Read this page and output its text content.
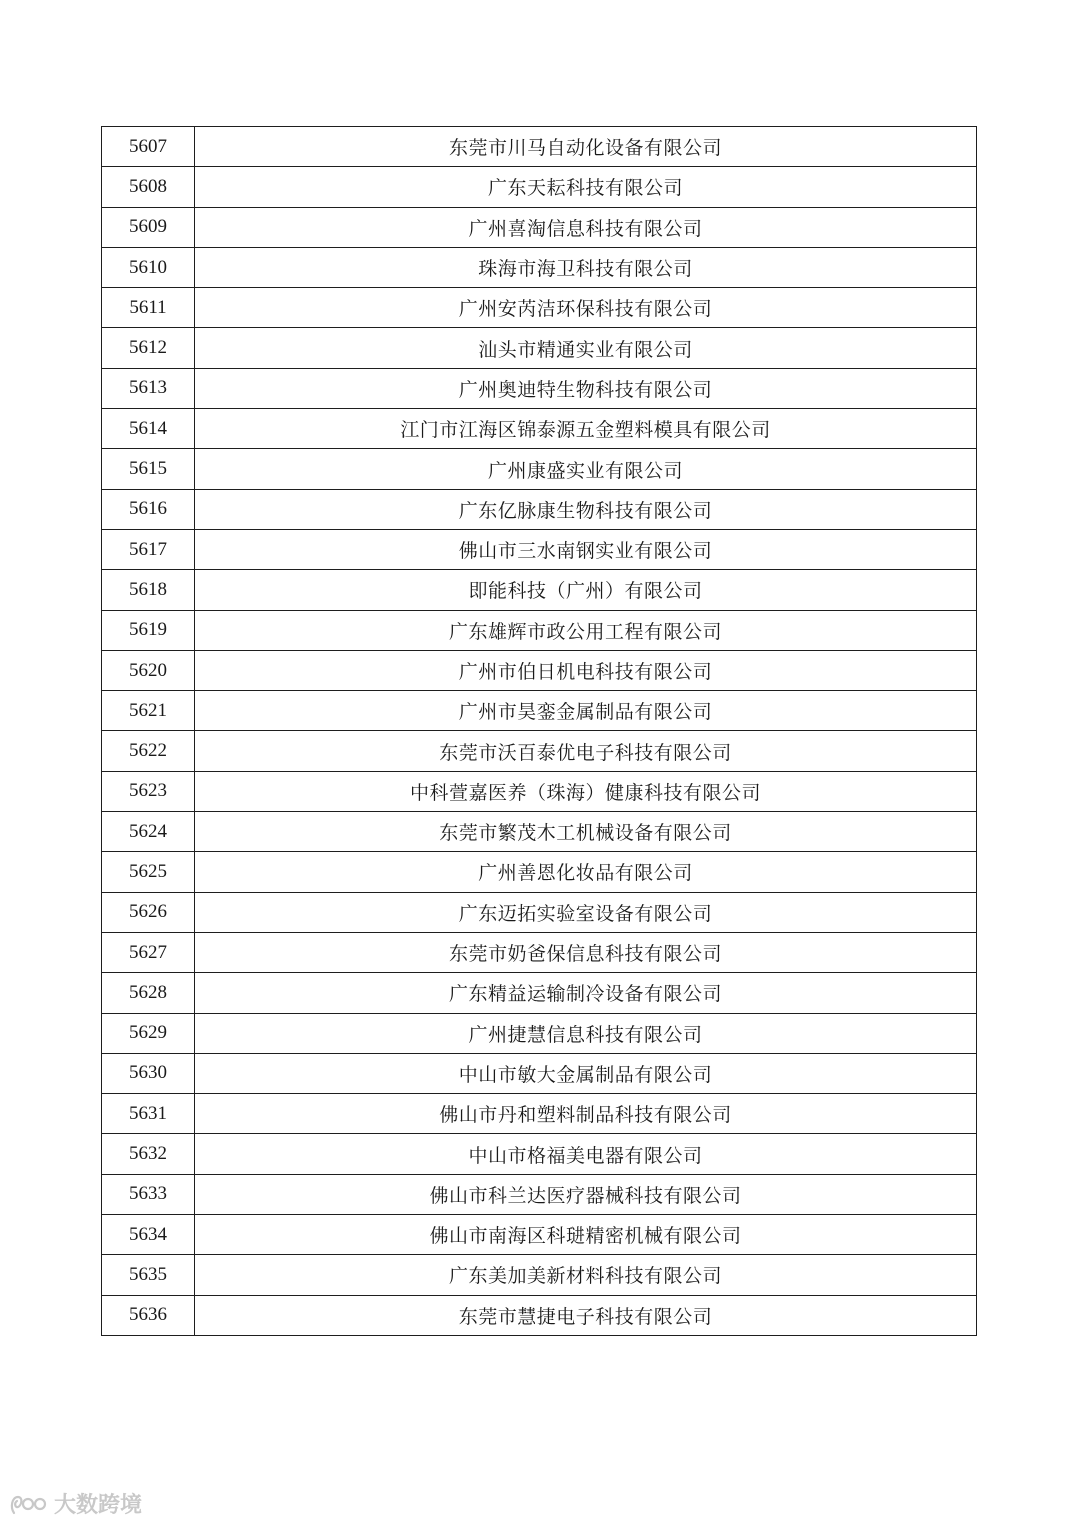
5607	东莞市川马自动化设备有限公司
5608	广东天耘科技有限公司
5609	广州喜淘信息科技有限公司
5610	珠海市海卫科技有限公司
5611	广州安芮洁环保科技有限公司
5612	汕头市精通实业有限公司
5613	广州奥迪特生物科技有限公司
5614	江门市江海区锦泰源五金塑料模具有限公司
5615	广州康盛实业有限公司
5616	广东亿脉康生物科技有限公司
5617	佛山市三水南钢实业有限公司
5618	即能科技（广州）有限公司
5619	广东雄辉市政公用工程有限公司
5620	广州市伯日机电科技有限公司
5621	广州市昊銮金属制品有限公司
5622	东莞市沃百泰优电子科技有限公司
5623	中科萱嘉医养（珠海）健康科技有限公司
5624	东莞市繁茂木工机械设备有限公司
5625	广州善恩化妆品有限公司
5626	广东迈拓实验室设备有限公司
5627	东莞市奶爸保信息科技有限公司
5628	广东精益运输制冷设备有限公司
5629	广州捷慧信息科技有限公司
5630	中山市敏大金属制品有限公司
5631	佛山市丹和塑料制品科技有限公司
5632	中山市格福美电器有限公司
5633	佛山市科兰达医疗器械科技有限公司
5634	佛山市南海区科琎精密机械有限公司
5635	广东美加美新材料科技有限公司
5636	东莞市慧捷电子科技有限公司
大数跨境
